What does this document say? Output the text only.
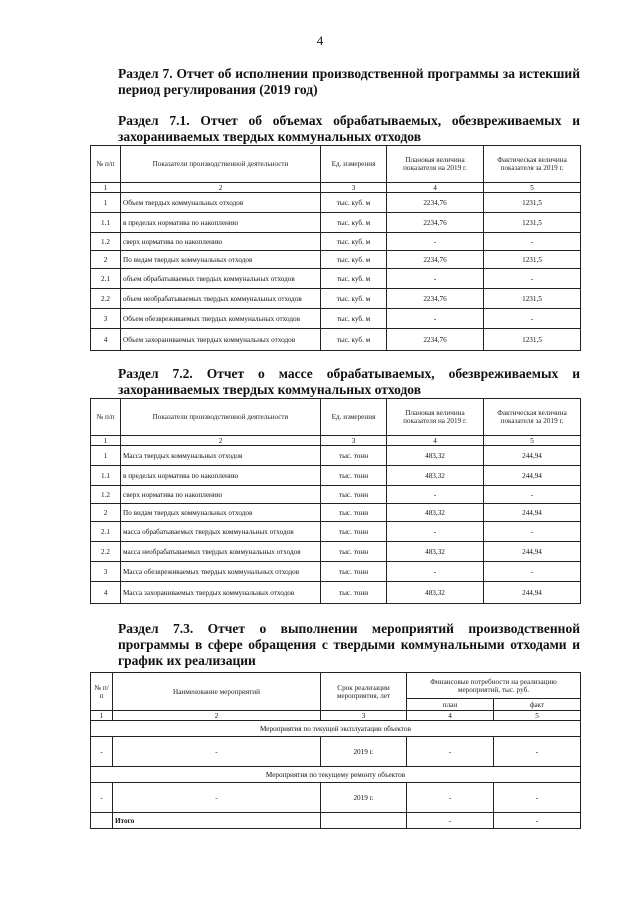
4
Раздел 7. Отчет об исполнении производственной программы за истекший период регулирования (2019 год)
Раздел 7.1. Отчет об объемах обрабатываемых, обезвреживаемых и захораниваемых твердых коммунальных отходов
№ п/п	Показатели производственной деятельности	Ед. измерения	Плановая величина показателя на 2019 г.	Фактическая величина показателя за 2019 г.
1	2	3	4	5
1	Объем твердых коммунальных отходов	тыс. куб. м	2234,76	1231,5
1.1	в пределах норматива по накоплению	тыс. куб. м	2234,76	1231,5
1.2	сверх норматива по накоплению	тыс. куб. м	-	-
2	По видам твердых коммунальных отходов	тыс. куб. м	2234,76	1231,5
2.1	объем обрабатываемых твердых коммунальных отходов	тыс. куб. м	-	-
2.2	объем необрабатываемых твердых коммунальных отходов	тыс. куб. м	2234,76	1231,5
3	Объем обезвреживаемых твердых коммунальных отходов	тыс. куб. м	-	-
4	Объем захораниваемых твердых коммунальных отходов	тыс. куб. м	2234,76	1231,5
Раздел 7.2. Отчет о массе обрабатываемых, обезвреживаемых и захораниваемых твердых коммунальных отходов
№ п/п	Показатели производственной деятельности	Ед. измерения	Плановая величина показателя на 2019 г.	Фактическая величина показателя за 2019 г.
1	2	3	4	5
1	Масса твердых коммунальных отходов	тыс. тонн	483,32	244,94
1.1	в пределах норматива по накоплению	тыс. тонн	483,32	244,94
1.2	сверх норматива по накоплению	тыс. тонн	-	-
2	По видам твердых коммунальных отходов	тыс. тонн	483,32	244,94
2.1	масса обрабатываемых твердых коммунальных отходов	тыс. тонн	-	-
2.2	масса необрабатываемых твердых коммунальных отходов	тыс. тонн	483,32	244,94
3	Масса обезвреживаемых твердых коммунальных отходов	тыс. тонн	-	-
4	Масса захораниваемых твердых коммунальных отходов	тыс. тонн	483,32	244,94
Раздел 7.3. Отчет о выполнении мероприятий производственной программы в сфере обращения с твердыми коммунальными отходами и график их реализации
№ п/ п	Наименование мероприятий	Срок реализации мероприятия, лет	Финансовые потребности на реализацию мероприятий, тыс. руб.	
			план	факт
1	2	3	4	5
Мероприятия по текущей эксплуатации объектов				
-	-	2019 г.	-	-
Мероприятия по текущему ремонту объектов				
-	-	2019 г.	-	-
	Итого		-	-
